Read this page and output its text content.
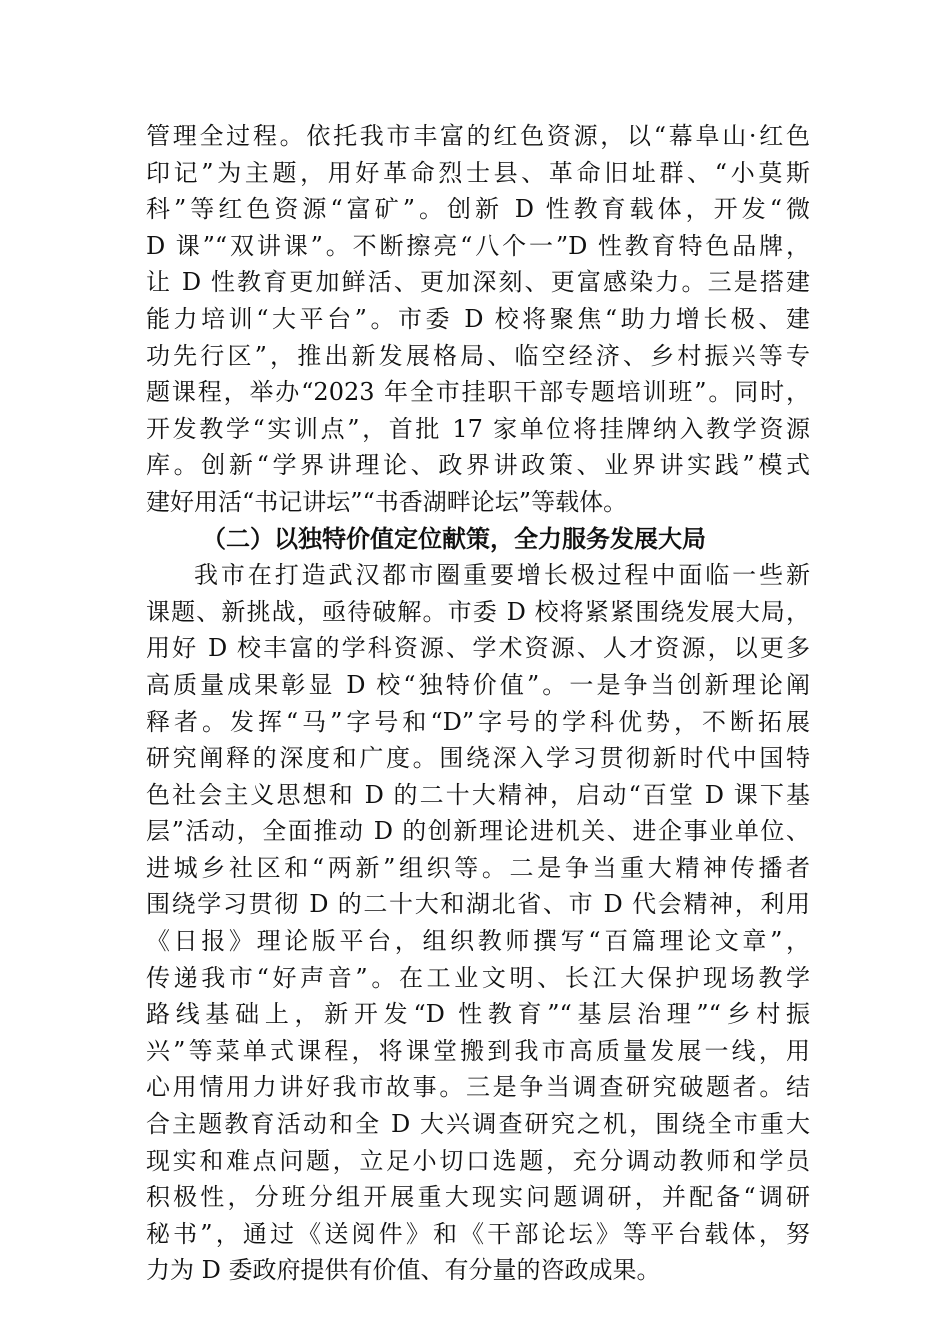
管理全过程。依托我市丰富的红色资源，以“幕阜山·红色
印记”为主题，用好革命烈士县、革命旧址群、“小莫斯
科”等红色资源“富矿”。创新 D 性教育载体，开发“微
D 课”“双讲课”。不断擦亮“八个一”D 性教育特色品牌，
让 D 性教育更加鲜活、更加深刻、更富感染力。三是搭建
能力培训“大平台”。市委 D 校将聚焦“助力增长极、建
功先行区”，推出新发展格局、临空经济、乡村振兴等专
题课程，举办“2023 年全市挂职干部专题培训班”。同时，
开发教学“实训点”，首批 17 家单位将挂牌纳入教学资源
库。创新“学界讲理论、政界讲政策、业界讲实践”模式
建好用活“书记讲坛”“书香湖畔论坛”等载体。
（二）以独特价值定位献策，全力服务发展大局
我市在打造武汉都市圈重要增长极过程中面临一些新
课题、新挑战，亟待破解。市委 D 校将紧紧围绕发展大局，
用好 D 校丰富的学科资源、学术资源、人才资源，以更多
高质量成果彰显 D 校“独特价值”。一是争当创新理论阐
释者。发挥“马”字号和“D”字号的学科优势，不断拓展
研究阐释的深度和广度。围绕深入学习贯彻新时代中国特
色社会主义思想和 D 的二十大精神，启动“百堂 D 课下基
层”活动，全面推动 D 的创新理论进机关、进企事业单位、
进城乡社区和“两新”组织等。二是争当重大精神传播者
围绕学习贯彻 D 的二十大和湖北省、市 D 代会精神，利用
《日报》理论版平台，组织教师撰写“百篇理论文章”，
传递我市“好声音”。在工业文明、长江大保护现场教学
路线基础上，新开发“D 性教育”“基层治理”“乡村振
兴”等菜单式课程，将课堂搬到我市高质量发展一线，用
心用情用力讲好我市故事。三是争当调查研究破题者。结
合主题教育活动和全 D 大兴调查研究之机，围绕全市重大
现实和难点问题，立足小切口选题，充分调动教师和学员
积极性，分班分组开展重大现实问题调研，并配备“调研
秘书”，通过《送阅件》和《干部论坛》等平台载体，努
力为 D 委政府提供有价值、有分量的咨政成果。
